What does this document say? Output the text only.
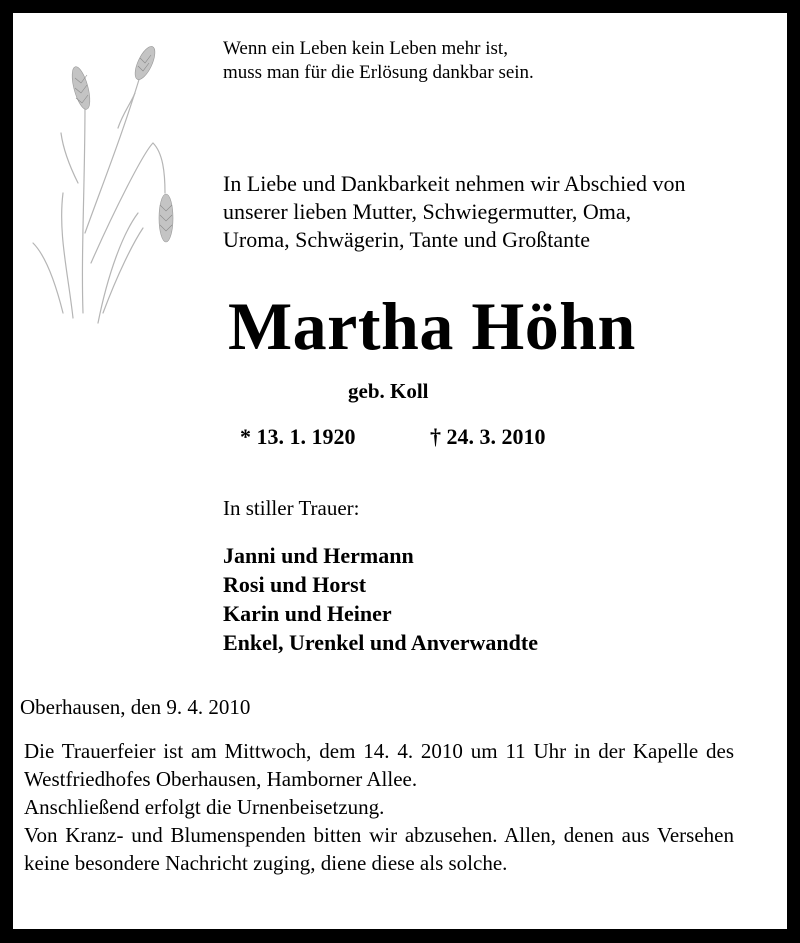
Wenn ein Leben kein Leben mehr ist,
muss man für die Erlösung dankbar sein.
In Liebe und Dankbarkeit nehmen wir Abschied von
unserer lieben Mutter, Schwiegermutter, Oma,
Uroma, Schwägerin, Tante und Großtante
Martha Höhn
geb. Koll
* 13. 1. 1920	† 24. 3. 2010
In stiller Trauer:
Janni und Hermann
Rosi und Horst
Karin und Heiner
Enkel, Urenkel und Anverwandte
Oberhausen, den 9. 4. 2010

Die Trauerfeier ist am Mittwoch, dem 14. 4. 2010 um 11 Uhr in der Kapelle des Westfriedhofes Oberhausen, Hamborner Allee.

Anschließend erfolgt die Urnenbeisetzung.

Von Kranz- und Blumenspenden bitten wir abzusehen. Allen, denen aus Versehen keine besondere Nachricht zuging, diene diese als solche.
